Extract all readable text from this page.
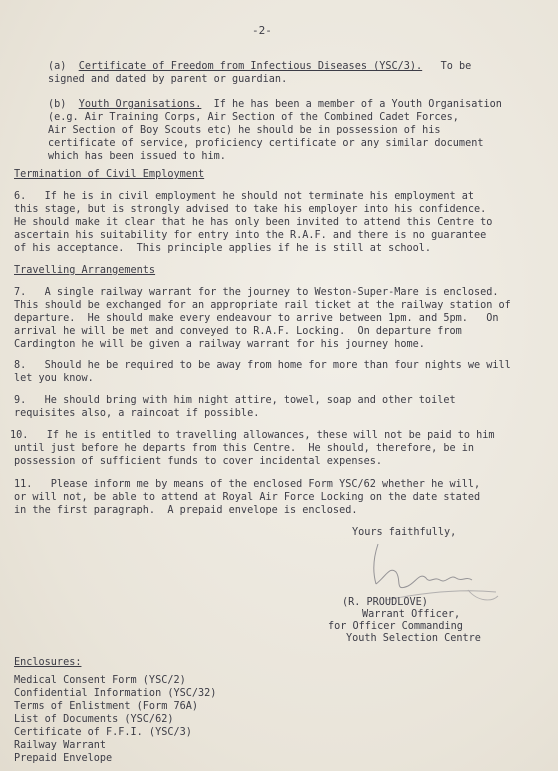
-2-

(a) Certificate of Freedom from Infectious Diseases (YSC/3). To be

signed and dated by parent or guardian.

(b) Youth Organisations. If he has been a member of a Youth Organisation

(e.g. Air Training Corps, Air Section of the Combined Cadet Forces,

Air Section of Boy Scouts etc) he should be in possession of his

certificate of service, proficiency certificate or any similar document

which has been issued to him.

Termination of Civil Employment

6.   If he is in civil employment he should not terminate his employment at

this stage, but is strongly advised to take his employer into his confidence.

He should make it clear that he has only been invited to attend this Centre to

ascertain his suitability for entry into the R.A.F. and there is no guarantee

of his acceptance.  This principle applies if he is still at school.

Travelling Arrangements

7.   A single railway warrant for the journey to Weston-Super-Mare is enclosed.

This should be exchanged for an appropriate rail ticket at the railway station of

departure.  He should make every endeavour to arrive between 1pm. and 5pm.   On

arrival he will be met and conveyed to R.A.F. Locking.  On departure from

Cardington he will be given a railway warrant for his journey home.

8.   Should he be required to be away from home for more than four nights we will

let you know.

9.   He should bring with him night attire, towel, soap and other toilet

requisites also, a raincoat if possible.

10.   If he is entitled to travelling allowances, these will not be paid to him

until just before he departs from this Centre.  He should, therefore, be in

possession of sufficient funds to cover incidental expenses.

11.   Please inform me by means of the enclosed Form YSC/62 whether he will,

or will not, be able to attend at Royal Air Force Locking on the date stated

in the first paragraph.  A prepaid envelope is enclosed.

Yours faithfully,

(R. PROUDLOVE)

Warrant Officer,

for Officer Commanding

Youth Selection Centre

Enclosures:

Medical Consent Form (YSC/2)

Confidential Information (YSC/32)

Terms of Enlistment (Form 76A)

List of Documents (YSC/62)

Certificate of F.F.I. (YSC/3)

Railway Warrant

Prepaid Envelope
